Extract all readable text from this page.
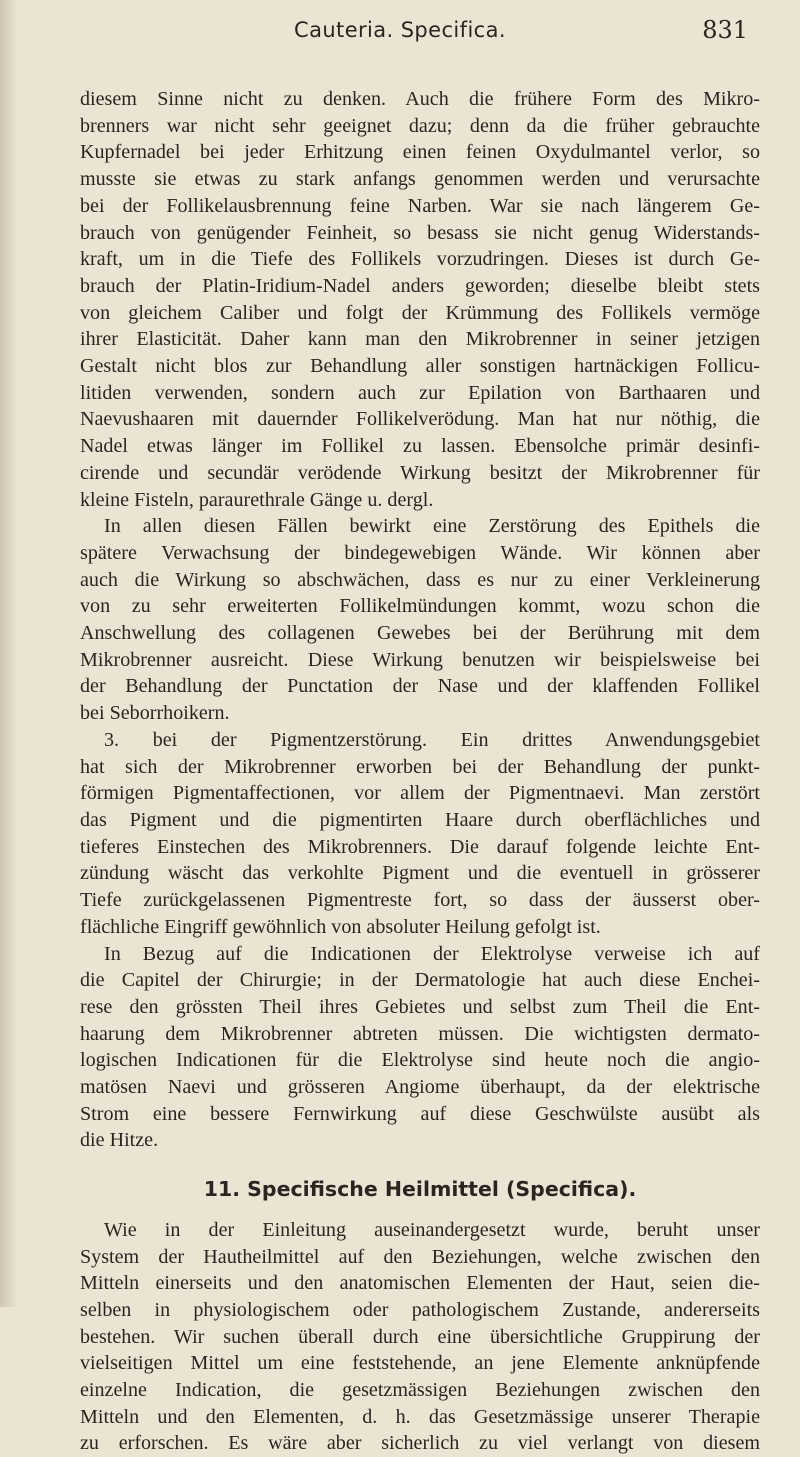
Cauteria. Specifica.	831
diesem Sinne nicht zu denken. Auch die frühere Form des Mikro-
brenners war nicht sehr geeignet dazu; denn da die früher gebrauchte
Kupfernadel bei jeder Erhitzung einen feinen Oxydulmantel verlor, so
musste sie etwas zu stark anfangs genommen werden und verursachte
bei der Follikelausbrennung feine Narben. War sie nach längerem Ge-
brauch von genügender Feinheit, so besass sie nicht genug Widerstands-
kraft, um in die Tiefe des Follikels vorzudringen. Dieses ist durch Ge-
brauch der Platin-Iridium-Nadel anders geworden; dieselbe bleibt stets
von gleichem Caliber und folgt der Krümmung des Follikels vermöge
ihrer Elasticität. Daher kann man den Mikrobrenner in seiner jetzigen
Gestalt nicht blos zur Behandlung aller sonstigen hartnäckigen Follicu-
litiden verwenden, sondern auch zur Epilation von Barthaaren und
Naevushaaren mit dauernder Follikelverödung. Man hat nur nöthig, die
Nadel etwas länger im Follikel zu lassen. Ebensolche primär desinfi-
cirende und secundär verödende Wirkung besitzt der Mikrobrenner für
kleine Fisteln, paraurethrale Gänge u. dergl.
In allen diesen Fällen bewirkt eine Zerstörung des Epithels die
spätere Verwachsung der bindegewebigen Wände. Wir können aber
auch die Wirkung so abschwächen, dass es nur zu einer Verkleinerung
von zu sehr erweiterten Follikelmündungen kommt, wozu schon die
Anschwellung des collagenen Gewebes bei der Berührung mit dem
Mikrobrenner ausreicht. Diese Wirkung benutzen wir beispielsweise bei
der Behandlung der Punctation der Nase und der klaffenden Follikel
bei Seborrhoikern.
3. bei der Pigmentzerstörung. Ein drittes Anwendungsgebiet
hat sich der Mikrobrenner erworben bei der Behandlung der punkt-
förmigen Pigmentaffectionen, vor allem der Pigmentnaevi. Man zerstört
das Pigment und die pigmentirten Haare durch oberflächliches und
tieferes Einstechen des Mikrobrenners. Die darauf folgende leichte Ent-
zündung wäscht das verkohlte Pigment und die eventuell in grösserer
Tiefe zurückgelassenen Pigmentreste fort, so dass der äusserst ober-
flächliche Eingriff gewöhnlich von absoluter Heilung gefolgt ist.
In Bezug auf die Indicationen der Elektrolyse verweise ich auf
die Capitel der Chirurgie; in der Dermatologie hat auch diese Enchei-
rese den grössten Theil ihres Gebietes und selbst zum Theil die Ent-
haarung dem Mikrobrenner abtreten müssen. Die wichtigsten dermato-
logischen Indicationen für die Elektrolyse sind heute noch die angio-
matösen Naevi und grösseren Angiome überhaupt, da der elektrische
Strom eine bessere Fernwirkung auf diese Geschwülste ausübt als
die Hitze.
11. Specifische Heilmittel (Specifica).
Wie in der Einleitung auseinandergesetzt wurde, beruht unser
System der Hautheilmittel auf den Beziehungen, welche zwischen den
Mitteln einerseits und den anatomischen Elementen der Haut, seien die-
selben in physiologischem oder pathologischem Zustande, andererseits
bestehen. Wir suchen überall durch eine übersichtliche Gruppirung der
vielseitigen Mittel um eine feststehende, an jene Elemente anknüpfende
einzelne Indication, die gesetzmässigen Beziehungen zwischen den
Mitteln und den Elementen, d. h. das Gesetzmässige unserer Therapie
zu erforschen. Es wäre aber sicherlich zu viel verlangt von diesem
